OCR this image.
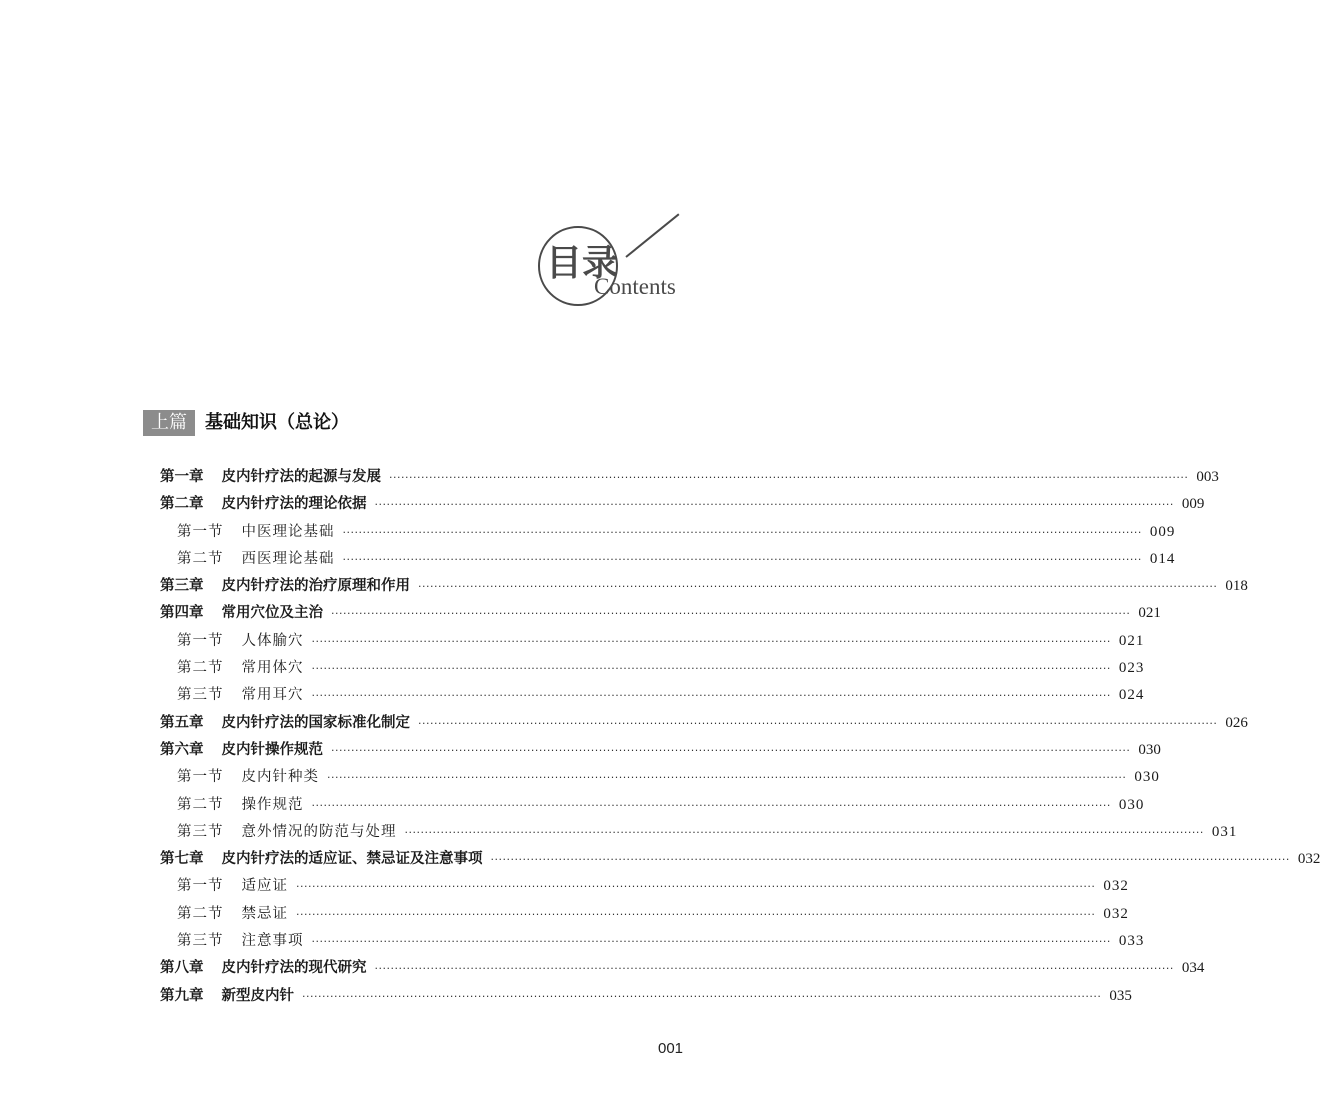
目录
Contents
上篇	基础知识（总论）
第一章 皮内针疗法的起源与发展 ········································································································································································································ 003
第二章 皮内针疗法的理论依据 ········································································································································································································ 009
第一节 中医理论基础 ········································································································································································································ 009
第二节 西医理论基础 ········································································································································································································ 014
第三章 皮内针疗法的治疗原理和作用 ········································································································································································································ 018
第四章 常用穴位及主治 ········································································································································································································ 021
第一节 人体腧穴 ········································································································································································································ 021
第二节 常用体穴 ········································································································································································································ 023
第三节 常用耳穴 ········································································································································································································ 024
第五章 皮内针疗法的国家标准化制定 ········································································································································································································ 026
第六章 皮内针操作规范 ········································································································································································································ 030
第一节 皮内针种类 ········································································································································································································ 030
第二节 操作规范 ········································································································································································································ 030
第三节 意外情况的防范与处理 ········································································································································································································ 031
第七章 皮内针疗法的适应证、禁忌证及注意事项 ········································································································································································································ 032
第一节 适应证 ········································································································································································································ 032
第二节 禁忌证 ········································································································································································································ 032
第三节 注意事项 ········································································································································································································ 033
第八章 皮内针疗法的现代研究 ········································································································································································································ 034
第九章 新型皮内针 ········································································································································································································ 035
001
